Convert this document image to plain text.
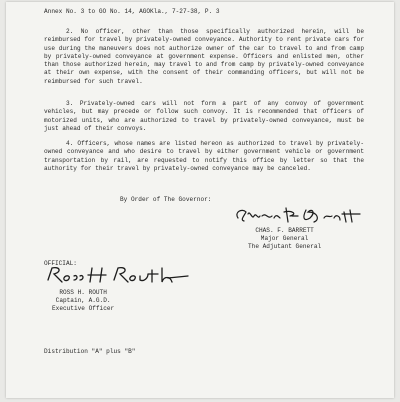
Annex No. 3 to GO No. 14, AGOKla., 7-27-38, P. 3
2. No officer, other than those specifically authorized herein, will be reimbursed for travel by privately-owned conveyance. Authority to rent private cars for use during the maneuvers does not authorize owner of the car to travel to and from camp by privately-owned conveyance at government expense. Officers and enlisted men, other than those authorized herein, may travel to and from camp by privately-owned conveyance at their own expense, with the consent of their commanding officers, but will not be reimbursed for such travel.
3. Privately-owned cars will not form a part of any convoy of government vehicles, but may precede or follow such convoy. It is recommended that officers of motorized units, who are authorized to travel by privately-owned conveyance, must be just ahead of their convoys.
4. Officers, whose names are listed hereon as authorized to travel by privately-owned conveyance and who desire to travel by either government vehicle or government transportation by rail, are requested to notify this office by letter so that the authority for their travel by privately-owned conveyance may be canceled.
By Order of The Governor:
CHAS. F. BARRETT
Major General
The Adjutant General
OFFICIAL:
ROSS H. ROUTH
Captain, A.G.D.
Executive Officer
Distribution "A" plus "B"
